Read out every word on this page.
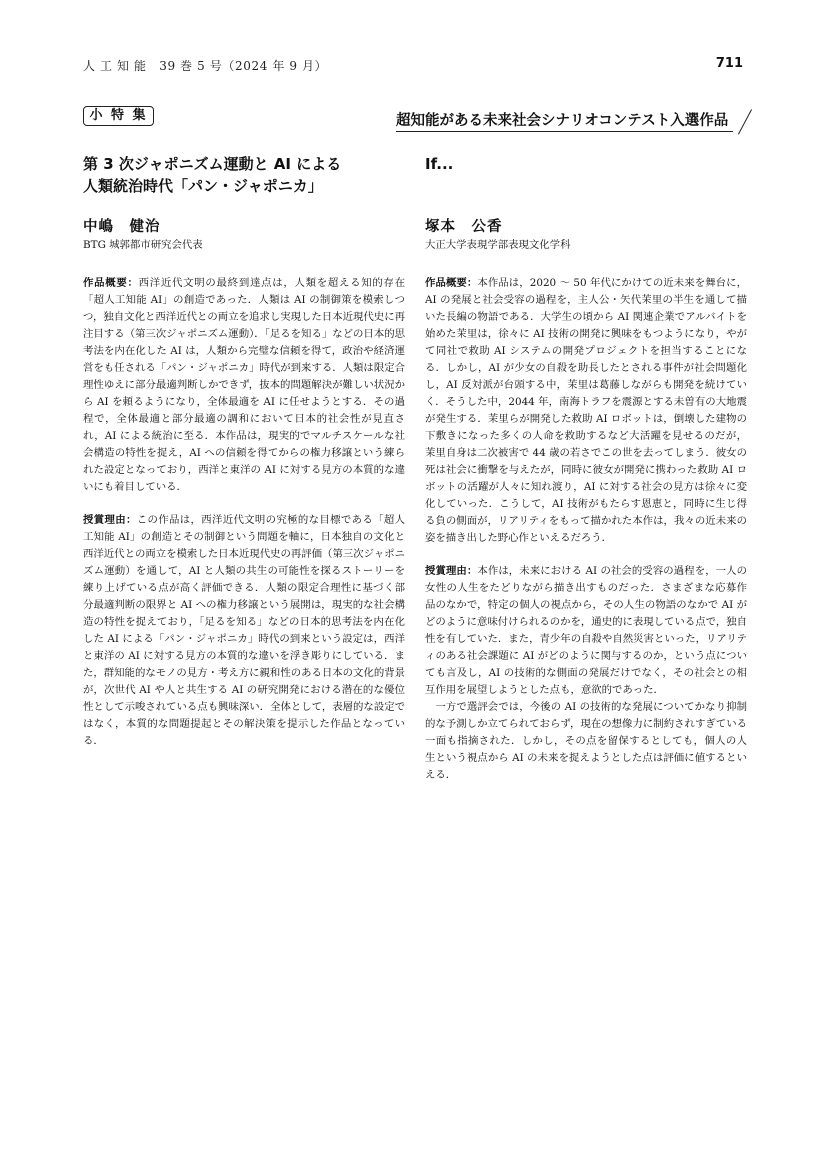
人 工 知 能　39 巻 5 号（2024 年 9 月）	711
小 特 集	超知能がある未来社会シナリオコンテスト入選作品
第 3 次ジャポニズム運動と AI による
人類統治時代「パン・ジャポニカ」

中嶋　健治

BTG 城郭都市研究会代表

作品概要：西洋近代文明の最終到達点は，人類を超える知的存在「超人工知能 AI」の創造であった．人類は AI の制御策を模索しつつ，独自文化と西洋近代との両立を追求し実現した日本近現代史に再注目する（第三次ジャポニズム運動）．「足るを知る」などの日本的思考法を内在化した AI は，人類から完璧な信頼を得て，政治や経済運営をも任される「パン・ジャポニカ」時代が到来する．人類は限定合理性ゆえに部分最適判断しかできず，抜本的問題解決が難しい状況から AI を頼るようになり，全体最適を AI に任せようとする．その過程で，全体最適と部分最適の調和において日本的社会性が見直され，AI による統治に至る．本作品は，現実的でマルチスケールな社会構造の特性を捉え，AI への信頼を得てからの権力移譲という練られた設定となっており，西洋と東洋の AI に対する見方の本質的な違いにも着目している．

授賞理由：この作品は，西洋近代文明の究極的な目標である「超人工知能 AI」の創造とその制御という問題を軸に，日本独自の文化と西洋近代との両立を模索した日本近現代史の再評価（第三次ジャポニズム運動）を通して，AI と人類の共生の可能性を探るストーリーを練り上げている点が高く評価できる．人類の限定合理性に基づく部分最適判断の限界と AI への権力移譲という展開は，現実的な社会構造の特性を捉えており，「足るを知る」などの日本的思考法を内在化した AI による「パン・ジャポニカ」時代の到来という設定は，西洋と東洋の AI に対する見方の本質的な違いを浮き彫りにしている．また，群知能的なモノの見方・考え方に親和性のある日本の文化的背景が，次世代 AI や人と共生する AI の研究開発における潜在的な優位性として示唆されている点も興味深い．全体として，表層的な設定ではなく，本質的な問題提起とその解決策を提示した作品となっている．

If...

塚本　公香

大正大学表現学部表現文化学科

作品概要：本作品は，2020 ～ 50 年代にかけての近未来を舞台に，AI の発展と社会受容の過程を，主人公・矢代茉里の半生を通して描いた長編の物語である．大学生の頃から AI 関連企業でアルバイトを始めた茉里は，徐々に AI 技術の開発に興味をもつようになり，やがて同社で救助 AI システムの開発プロジェクトを担当することになる．しかし，AI が少女の自殺を助長したとされる事件が社会問題化し，AI 反対派が台頭する中，茉里は葛藤しながらも開発を続けていく．そうした中，2044 年，南海トラフを震源とする未曽有の大地震が発生する．茉里らが開発した救助 AI ロボットは，倒壊した建物の下敷きになった多くの人命を救助するなど大活躍を見せるのだが，茉里自身は二次被害で 44 歳の若さでこの世を去ってしまう．彼女の死は社会に衝撃を与えたが，同時に彼女が開発に携わった救助 AI ロボットの活躍が人々に知れ渡り，AI に対する社会の見方は徐々に変化していった．こうして，AI 技術がもたらす恩恵と，同時に生じ得る負の側面が，リアリティをもって描かれた本作は，我々の近未来の姿を描き出した野心作といえるだろう．

授賞理由：本作は，未来における AI の社会的受容の過程を，一人の女性の人生をたどりながら描き出すものだった．さまざまな応募作品のなかで，特定の個人の視点から，その人生の物語のなかで AI がどのように意味付けられるのかを，通史的に表現している点で，独自性を有していた．また，青少年の自殺や自然災害といった，リアリティのある社会課題に AI がどのように関与するのか，という点についても言及し，AI の技術的な側面の発展だけでなく，その社会との相互作用を展望しようとした点も，意欲的であった．

一方で選評会では，今後の AI の技術的な発展についてかなり抑制的な予測しか立てられておらず，現在の想像力に制約されすぎている一面も指摘された．しかし，その点を留保するとしても，個人の人生という視点から AI の未来を捉えようとした点は評価に値するといえる．
